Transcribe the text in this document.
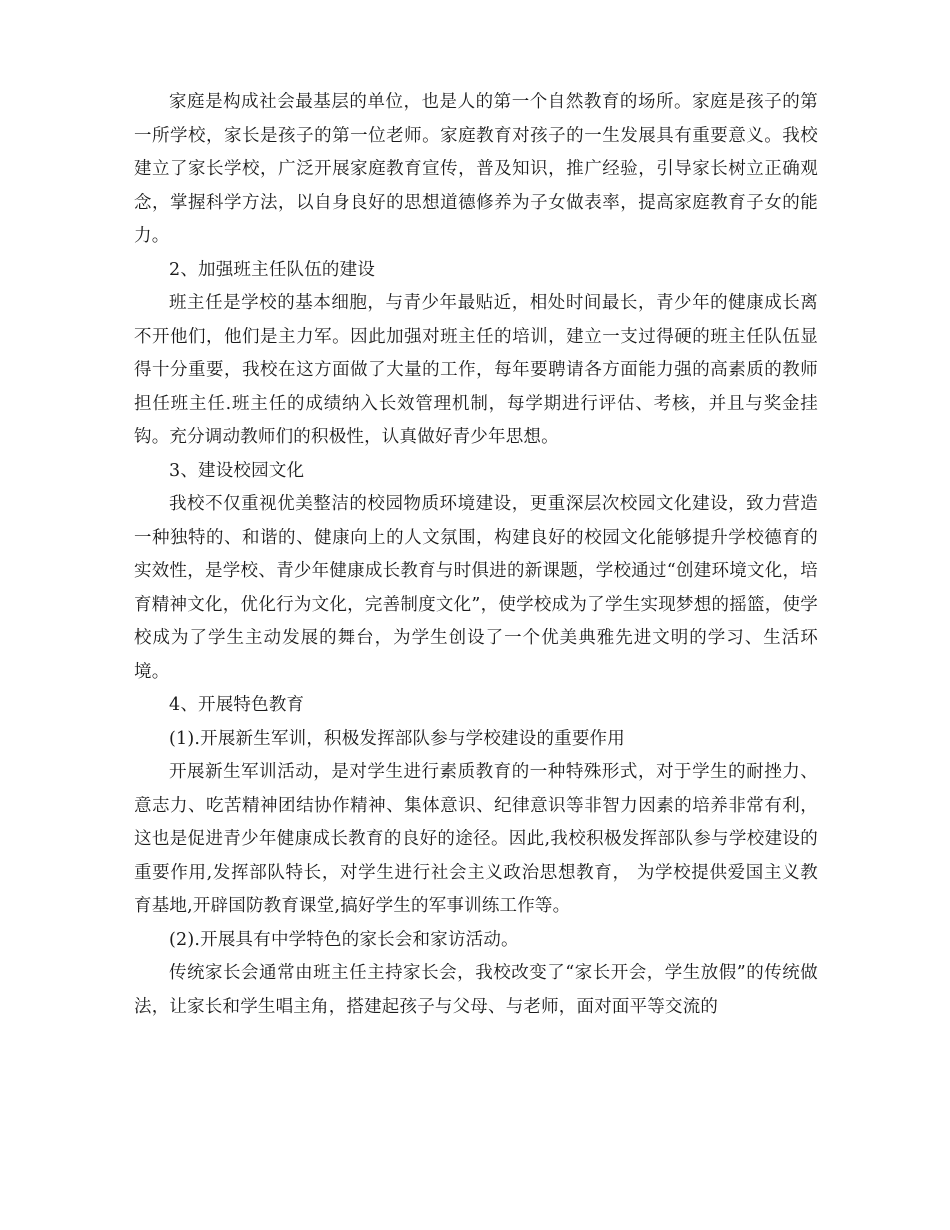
家庭是构成社会最基层的单位，也是人的第一个自然教育的场所。家庭是孩子的第一所学校，家长是孩子的第一位老师。家庭教育对孩子的一生发展具有重要意义。我校建立了家长学校，广泛开展家庭教育宣传，普及知识，推广经验，引导家长树立正确观念，掌握科学方法，以自身良好的思想道德修养为子女做表率，提高家庭教育子女的能力。

2、加强班主任队伍的建设

班主任是学校的基本细胞，与青少年最贴近，相处时间最长，青少年的健康成长离不开他们，他们是主力军。因此加强对班主任的培训，建立一支过得硬的班主任队伍显得十分重要，我校在这方面做了大量的工作，每年要聘请各方面能力强的高素质的教师担任班主任.班主任的成绩纳入长效管理机制，每学期进行评估、考核，并且与奖金挂钩。充分调动教师们的积极性，认真做好青少年思想。

3、建设校园文化

我校不仅重视优美整洁的校园物质环境建设，更重深层次校园文化建设，致力营造一种独特的、和谐的、健康向上的人文氛围，构建良好的校园文化能够提升学校德育的实效性，是学校、青少年健康成长教育与时俱进的新课题，学校通过“创建环境文化，培育精神文化，优化行为文化，完善制度文化”，使学校成为了学生实现梦想的摇篮，使学校成为了学生主动发展的舞台，为学生创设了一个优美典雅先进文明的学习、生活环境。

4、开展特色教育

(1).开展新生军训，积极发挥部队参与学校建设的重要作用

开展新生军训活动，是对学生进行素质教育的一种特殊形式，对于学生的耐挫力、意志力、吃苦精神团结协作精神、集体意识、纪律意识等非智力因素的培养非常有利，这也是促进青少年健康成长教育的良好的途径。因此,我校积极发挥部队参与学校建设的重要作用,发挥部队特长，对学生进行社会主义政治思想教育， 为学校提供爱国主义教育基地,开辟国防教育课堂,搞好学生的军事训练工作等。

(2).开展具有中学特色的家长会和家访活动。

传统家长会通常由班主任主持家长会，我校改变了“家长开会，学生放假”的传统做法，让家长和学生唱主角，搭建起孩子与父母、与老师，面对面平等交流的
